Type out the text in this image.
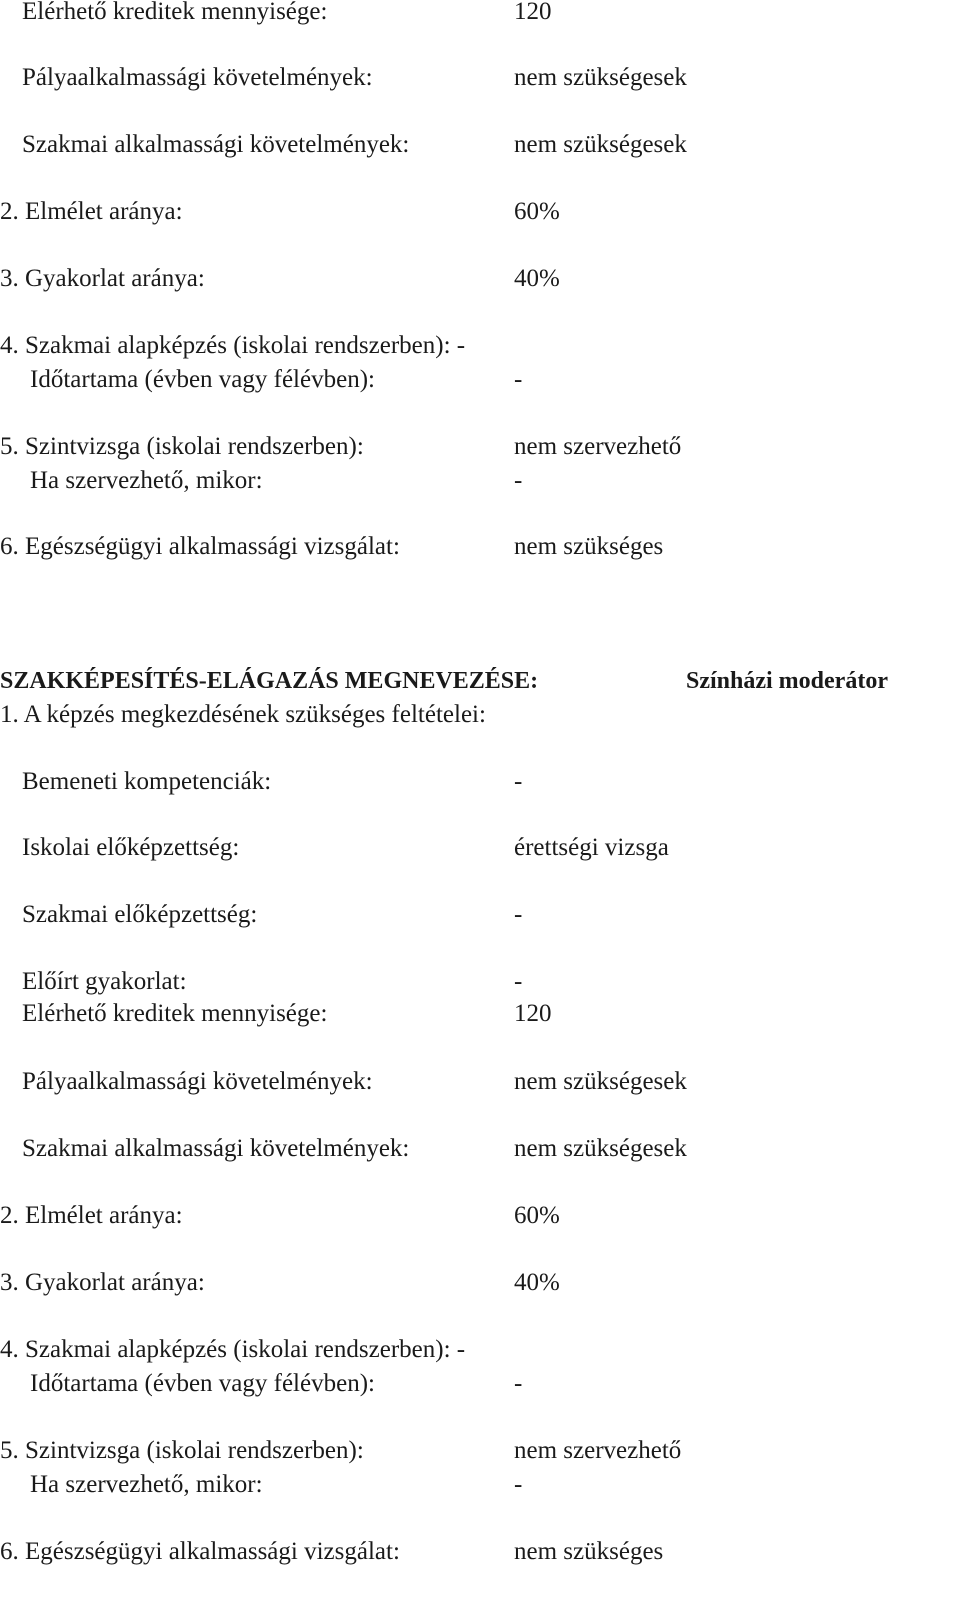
Elérhető kreditek mennyisége:	120
Pályaalkalmassági követelmények:	nem szükségesek
Szakmai alkalmassági követelmények:	nem szükségesek
2. Elmélet aránya:	60%
3. Gyakorlat aránya:	40%
4. Szakmai alapképzés (iskolai rendszerben): -
Időtartama (évben vagy félévben):	-
5. Szintvizsga (iskolai rendszerben):	nem szervezhető
Ha szervezhető, mikor:	-
6. Egészségügyi alkalmassági vizsgálat:	nem szükséges
SZAKKÉPESÍTÉS-ELÁGAZÁS MEGNEVEZÉSE:	Színházi moderátor
1. A képzés megkezdésének szükséges feltételei:
Bemeneti kompetenciák:	-
Iskolai előképzettség:	érettségi vizsga
Szakmai előképzettség:	-
Előírt gyakorlat:	-
Elérhető kreditek mennyisége:	120
Pályaalkalmassági követelmények:	nem szükségesek
Szakmai alkalmassági követelmények:	nem szükségesek
2. Elmélet aránya:	60%
3. Gyakorlat aránya:	40%
4. Szakmai alapképzés (iskolai rendszerben): -
Időtartama (évben vagy félévben):	-
5. Szintvizsga (iskolai rendszerben):	nem szervezhető
Ha szervezhető, mikor:	-
6. Egészségügyi alkalmassági vizsgálat:	nem szükséges
